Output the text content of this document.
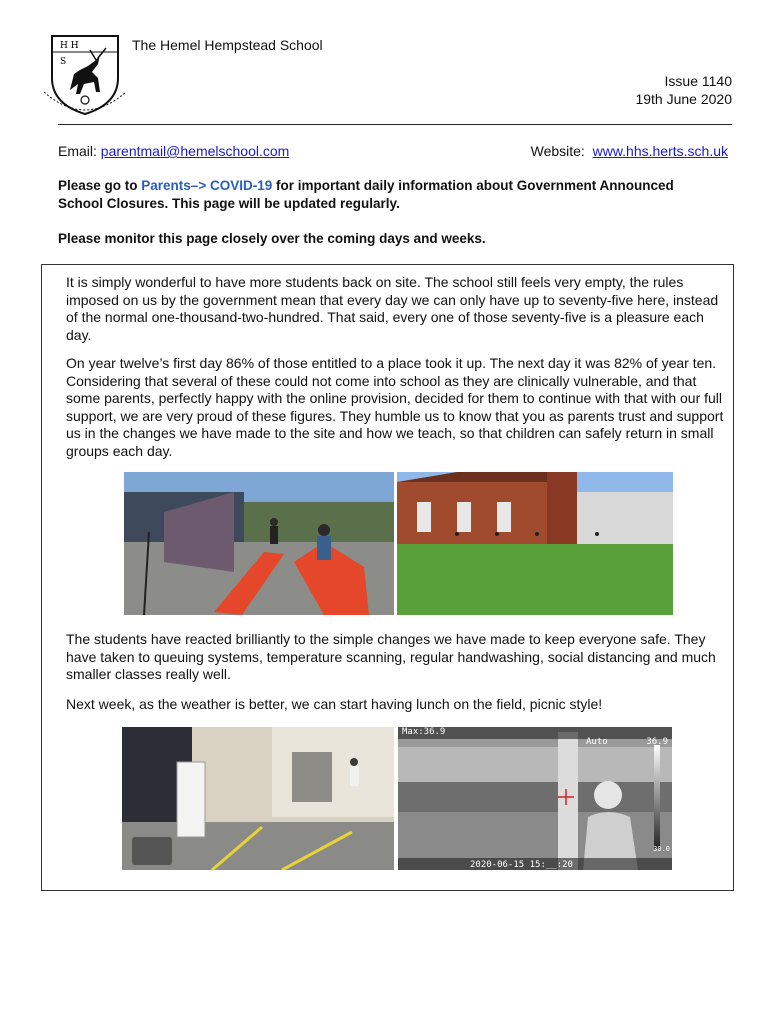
H H
S
The Hemel Hempstead School
Issue 1140
19th June 2020
Email: parentmail@hemelschool.com	Website: www.hhs.herts.sch.uk
Please go to Parents–> COVID-19 for important daily information about Government Announced School Closures. This page will be updated regularly.
Please monitor this page closely over the coming days and weeks.
It is simply wonderful to have more students back on site. The school still feels very empty, the rules imposed on us by the government mean that every day we can only have up to seventy-five here, instead of the normal one-thousand-two-hundred. That said, every one of those seventy-five is a pleasure each day.
On year twelve’s first day 86% of those entitled to a place took it up. The next day it was 82% of year ten. Considering that several of these could not come into school as they are clinically vulnerable, and that some parents, perfectly happy with the online provision, decided for them to continue with that with our full support, we are very proud of these figures. They humble us to know that you as parents trust and support us in the changes we have made to the site and how we teach, so that children can safely return in small groups each day.
The students have reacted brilliantly to the simple changes we have made to keep everyone safe. They have taken to queuing systems, temperature scanning, regular handwashing, social distancing and much smaller classes really well.
Next week, as the weather is better, we can start having lunch on the field, picnic style!
Max:36.9
Auto	36.9
30.0
2020-06-15 15:__:20
